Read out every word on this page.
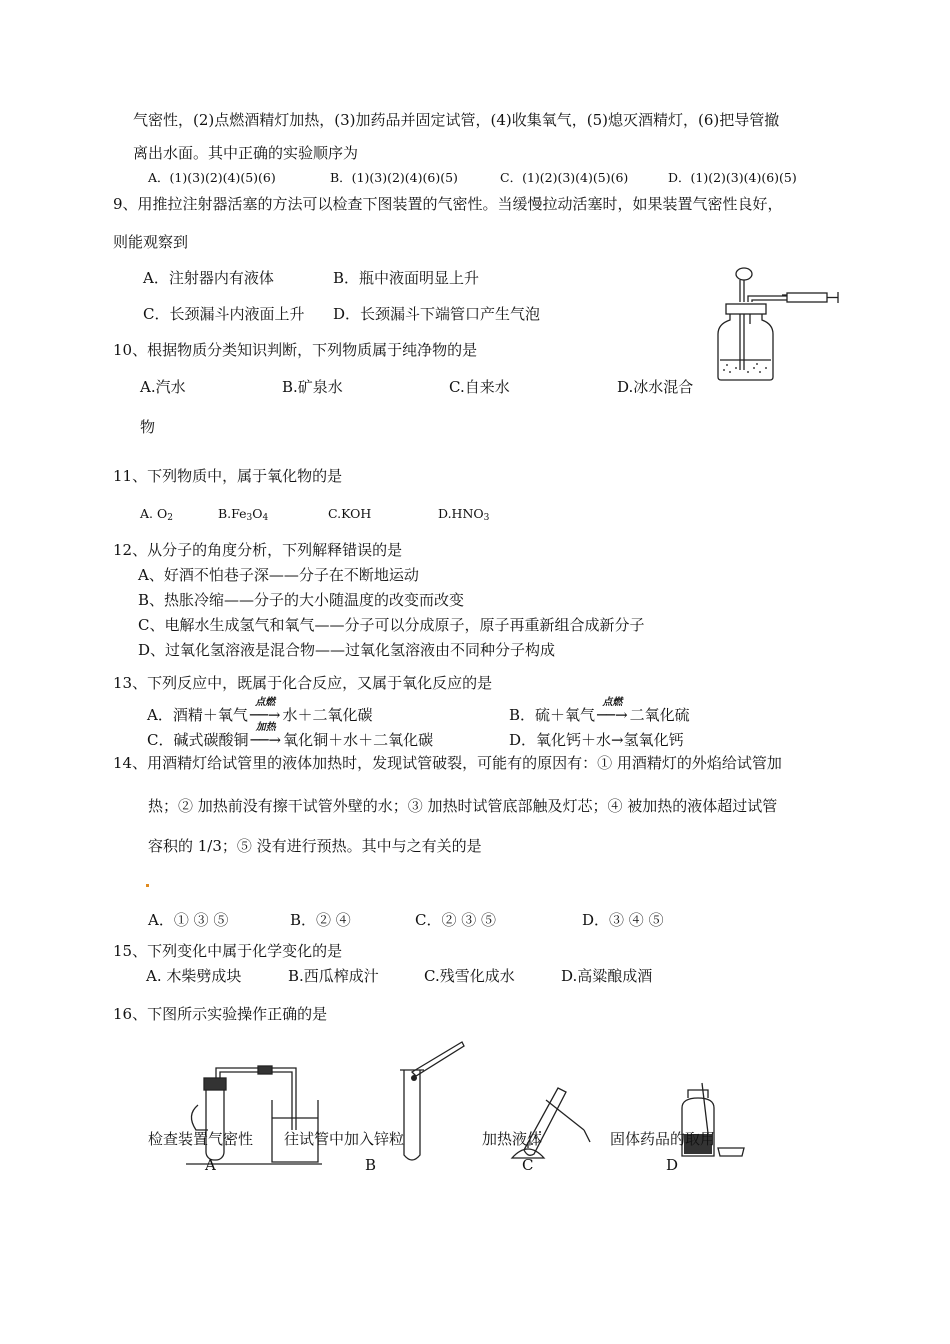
气密性，(2)点燃酒精灯加热，(3)加药品并固定试管，(4)收集氧气，(5)熄灭酒精灯，(6)把导管撤
离出水面。其中正确的实验顺序为
A．(1)(3)(2)(4)(5)(6)	B．(1)(3)(2)(4)(6)(5)	C．(1)(2)(3)(4)(5)(6)	D．(1)(2)(3)(4)(6)(5)
9、用推拉注射器活塞的方法可以检查下图装置的气密性。当缓慢拉动活塞时，如果装置气密性良好，
则能观察到
A．注射器内有液体	B．瓶中液面明显上升
C．长颈漏斗内液面上升 D．长颈漏斗下端管口产生气泡
10、根据物质分类知识判断，下列物质属于纯净物的是
A.汽水	B.矿泉水	C.自来水	D.冰水混合
物
11、下列物质中，属于氧化物的是
A. $O_2$	$B.Fe_3O_4$	C.KOH	$D.HNO_3$
12、从分子的角度分析，下列解释错误的是
A、好酒不怕巷子深——分子在不断地运动
B、热胀冷缩——分子的大小随温度的改变而改变
C、电解水生成氢气和氧气——分子可以分成原子，原子再重新组合成新分子
D、过氧化氢溶液是混合物——过氧化氢溶液由不同种分子构成
13、下列反应中，既属于化合反应，又属于氧化反应的是
A．酒精＋氧气
点燃
──→ 水＋二氧化碳	B．硫＋氧气
点燃
──→ 二氧化硫
C．碱式碳酸铜
加热
──→ 氧化铜＋水＋二氧化碳	D．氧化钙＋水→氢氧化钙
14、用酒精灯给试管里的液体加热时，发现试管破裂，可能有的原因有：① 用酒精灯的外焰给试管加
热；② 加热前没有擦干试管外壁的水；③ 加热时试管底部触及灯芯；④ 被加热的液体超过试管
容积的 1/3；⑤ 没有进行预热。其中与之有关的是
A．① ③ ⑤	B．② ④	C．② ③ ⑤	D．③ ④ ⑤
15、下列变化中属于化学变化的是
A. 木柴劈成块	B.西瓜榨成汁	C.残雪化成水	D.高粱酿成酒
16、下图所示实验操作正确的是
检查装置气密性 往试管中加入锌粒	加热液体	固体药品的取用
A	B	C	D
